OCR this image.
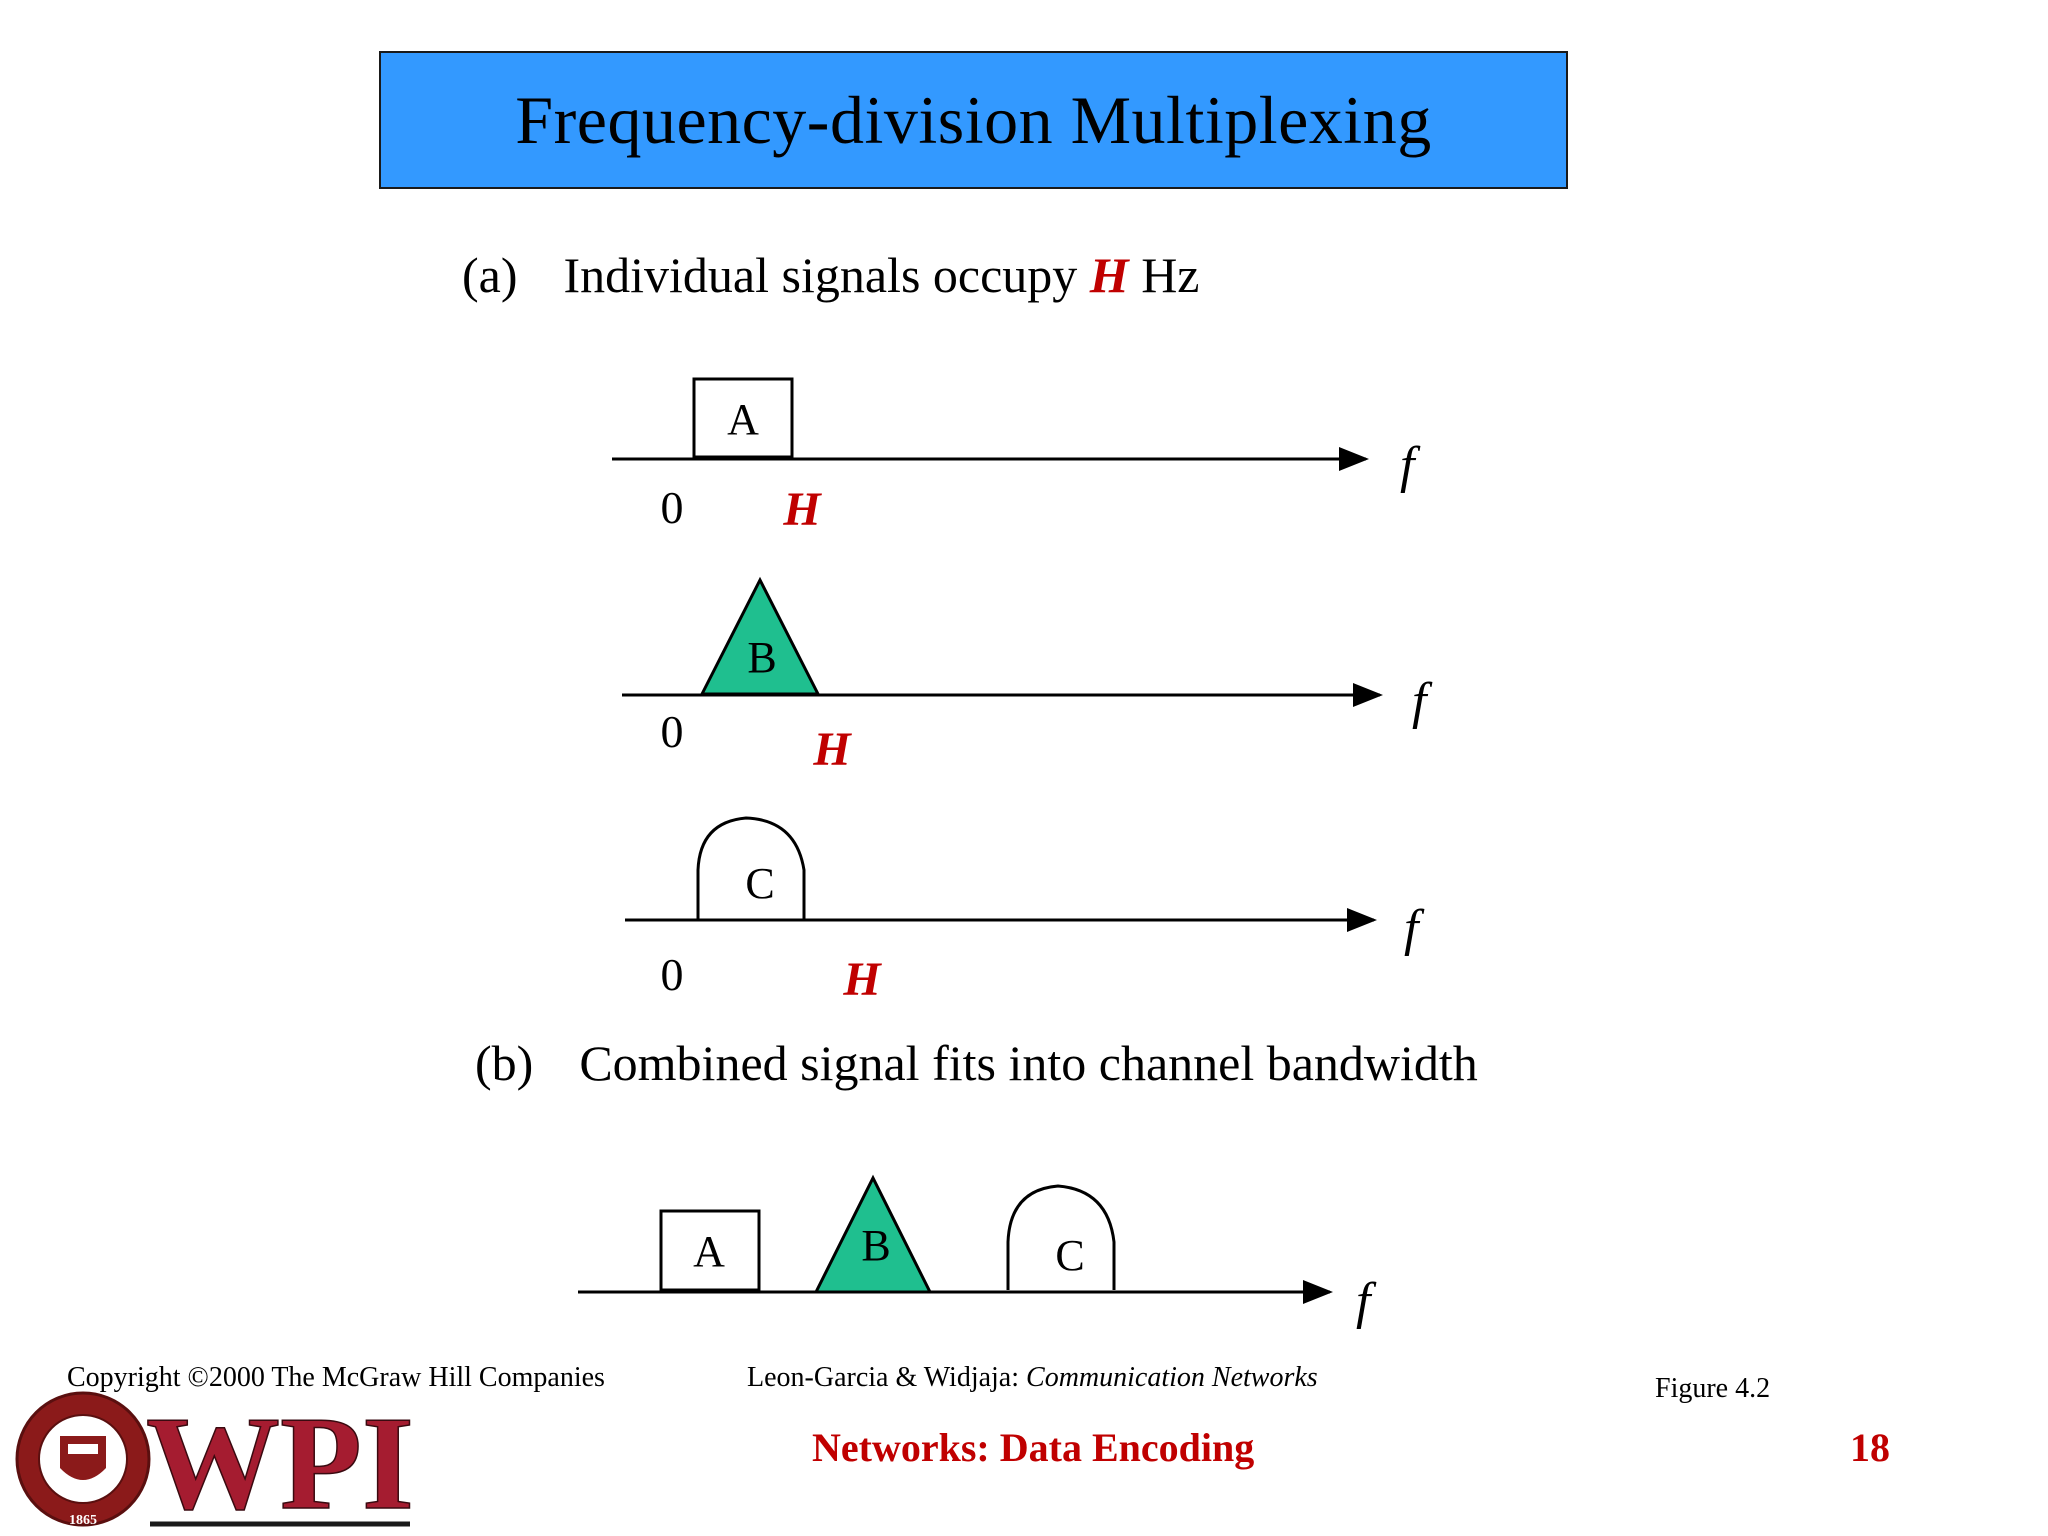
Frequency-division Multiplexing
(a) Individual signals occupy H Hz
(b) Combined signal fits into channel bandwidth
A
f
0 H
B
f
0	H
C
f
0	H
A	B	C
f
1865 WPI
Copyright ©2000 The McGraw Hill Companies	Leon-Garcia & Widjaja: Communication Networks	Figure 4.2
Networks: Data Encoding	18
